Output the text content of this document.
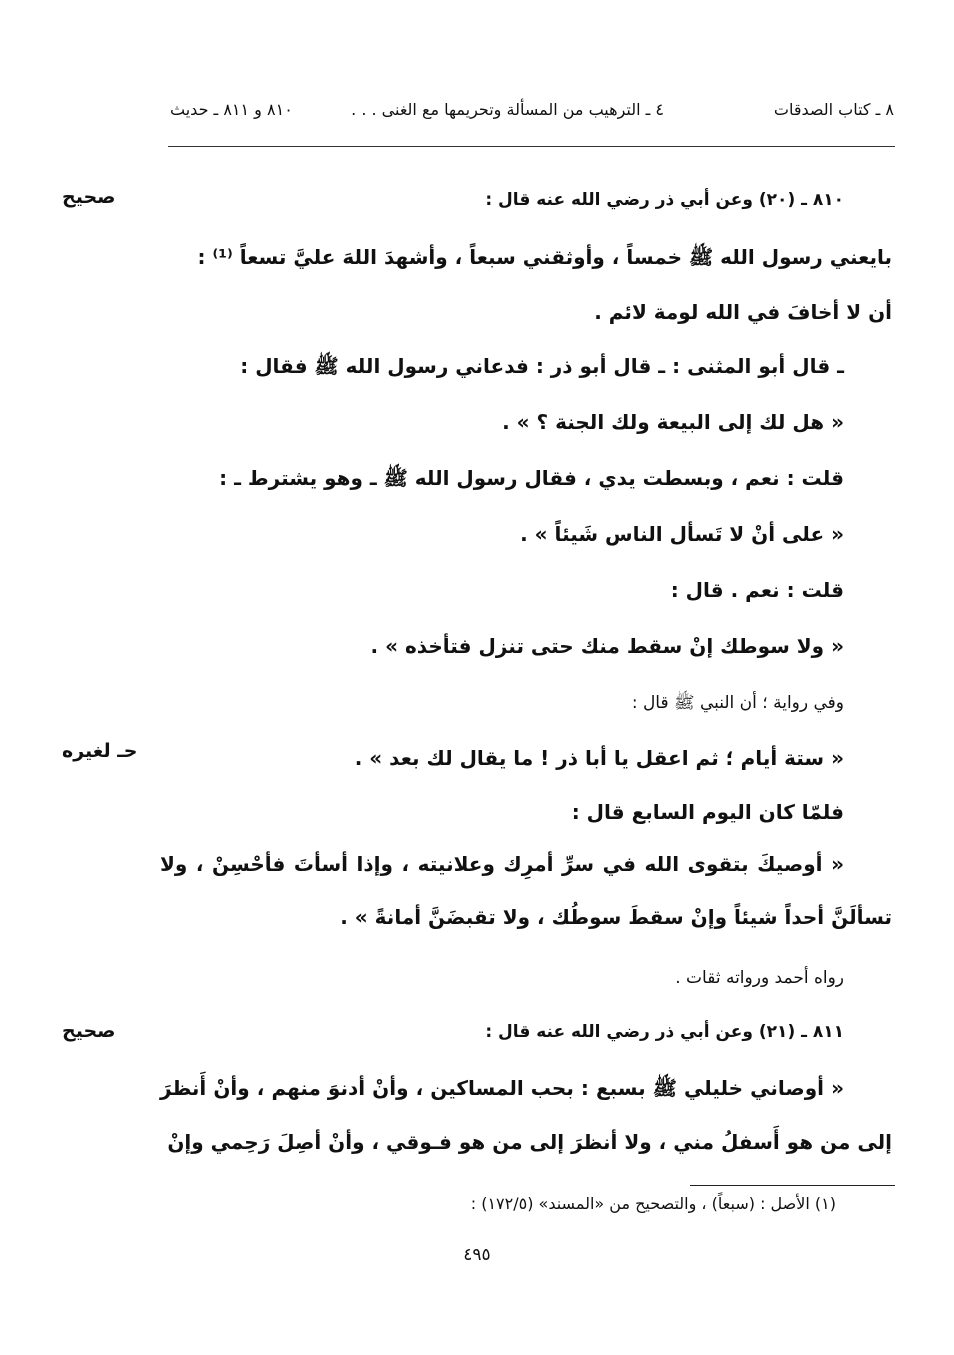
٨ ـ كتاب الصدقات
٤ ـ الترهيب من المسألة وتحريمها مع الغنى . . .
٨١٠ و ٨١١ ـ حديث
صحيح
حـ لغيره
صحيح
٨١٠ ـ (٢٠) وعن أبي ذر رضي الله عنه قال :
بايعني رسول الله ﷺ خمساً ، وأوثقني سبعاً ، وأشهدَ اللهَ عليَّ تسعاً ⁽¹⁾ :
أن لا أخافَ في الله لومة لائم .
ـ قال أبو المثنى : ـ قال أبو ذر : فدعاني رسول الله ﷺ فقال :
« هل لك إلى البيعة ولك الجنة ؟ » .
قلت : نعم ، وبسطت يدي ، فقال رسول الله ﷺ ـ وهو يشترط ـ :
« على أنْ لا تَسأل الناس شَيئاً » .
قلت : نعم . قال :
« ولا سوطك إنْ سقط منك حتى تنزل فتأخذه » .
وفي رواية ؛ أن النبي ﷺ قال :
« ستة أيام ؛ ثم اعقل يا أبا ذر ! ما يقال لك بعد » .
فلمّا كان اليوم السابع قال :
« أوصيكَ بتقوى الله في سرِّ أمرِك وعلانيته ، وإذا أسأتَ فأحْسِنْ ، ولا
تسألَنَّ أحداً شيئاً وإنْ سقطَ سوطُك ، ولا تقبضَنَّ أمانةً » .
رواه أحمد ورواته ثقات .
٨١١ ـ (٢١) وعن أبي ذر رضي الله عنه قال :
« أوصاني خليلي ﷺ بسبع : بحب المساكين ، وأنْ أدنوَ منهم ، وأنْ أَنظرَ
إلى من هو أَسفلُ مني ، ولا أنظرَ إلى من هو فـوقي ، وأنْ أصِلَ رَحِمي وإنْ
(١) الأصل : (سبعاً) ، والتصحيح من «المسند» (١٧٢/٥) :
٤٩٥
